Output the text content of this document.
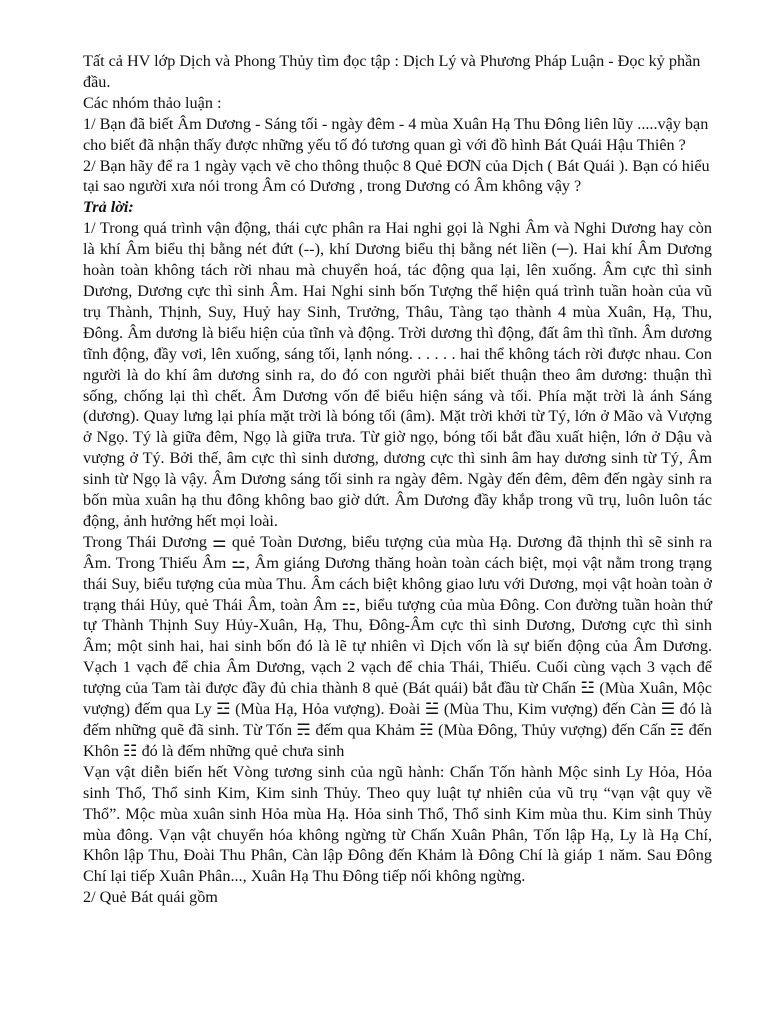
Tất cả HV lớp Dịch và Phong Thủy tìm đọc tập : Dịch Lý và Phương Pháp Luận - Đọc kỷ phần đầu.

Các nhóm thảo luận :

1/ Bạn đã biết Âm Dương - Sáng tối - ngày đêm - 4 mùa Xuân Hạ Thu Đông liên lũy .....vậy bạn cho biết đã nhận thấy được những yếu tố đó tương quan gì với đồ hình Bát Quái Hậu Thiên ?

2/ Bạn hãy để ra 1 ngày vạch vẽ cho thông thuộc 8 Quẻ ĐƠN của Dịch ( Bát Quái ). Bạn có hiểu tại sao người xưa nói trong Âm có Dương , trong Dương có Âm không vậy ?

Trả lời:

1/ Trong quá trình vận động, thái cực phân ra Hai nghi gọi là Nghi Âm và Nghi Dương hay còn là khí Âm biểu thị bằng nét đứt (--), khí Dương biểu thị bằng nét liền (─). Hai khí Âm Dương hoàn toàn không tách rời nhau mà chuyển hoá, tác động qua lại, lên xuống. Âm cực thì sinh Dương, Dương cực thì sinh Âm. Hai Nghi sinh bốn Tượng thể hiện quá trình tuần hoàn của vũ trụ Thành, Thịnh, Suy, Huỷ hay Sinh, Trưởng, Thâu, Tàng tạo thành 4 mùa Xuân, Hạ, Thu, Đông. Âm dương là biểu hiện của tĩnh và động. Trời dương thì động, đất âm thì tĩnh. Âm dương tĩnh động, đầy vơi, lên xuống, sáng tối, lạnh nóng. . . . . . hai thể không tách rời được nhau. Con người là do khí âm dương sinh ra, do đó con người phải biết thuận theo âm dương: thuận thì sống, chống lại thì chết. Âm Dương vốn để biểu hiện sáng và tối. Phía mặt trời là ánh Sáng (dương). Quay lưng lại phía mặt trời là bóng tối (âm). Mặt trời khởi từ Tý, lớn ở Mão và Vượng ở Ngọ. Tý là giữa đêm, Ngọ là giữa trưa. Từ giờ ngọ, bóng tối bắt đầu xuất hiện, lớn ở Dậu và vượng ở Tý. Bởi thế, âm cực thì sinh dương, dương cực thì sinh âm hay dương sinh từ Tý, Âm sinh từ Ngọ là vậy. Âm Dương sáng tối sinh ra ngày đêm. Ngày đến đêm, đêm đến ngày sinh ra bốn mùa xuân hạ thu đông không bao giờ dứt. Âm Dương đầy khắp trong vũ trụ, luôn luôn tác động, ảnh hưởng hết mọi loài.

Trong Thái Dương ⚌ quẻ Toàn Dương, biểu tượng của mùa Hạ. Dương đã thịnh thì sẽ sinh ra Âm. Trong Thiếu Âm ⚍, Âm giáng Dương thăng hoàn toàn cách biệt, mọi vật nằm trong trạng thái Suy, biểu tượng của mùa Thu. Âm cách biệt không giao lưu với Dương, mọi vật hoàn toàn ở trạng thái Hủy, quẻ Thái Âm, toàn Âm ⚏, biểu tượng của mùa Đông. Con đường tuần hoàn thứ tự Thành Thịnh Suy Hủy-Xuân, Hạ, Thu, Đông-Âm cực thì sinh Dương, Dương cực thì sinh Âm; một sinh hai, hai sinh bốn đó là lẽ tự nhiên vì Dịch vốn là sự biến động của Âm Dương. Vạch 1 vạch để chia Âm Dương, vạch 2 vạch để chia Thái, Thiếu. Cuối cùng vạch 3 vạch để tượng của Tam tài được đầy đủ chia thành 8 quẻ (Bát quái) bắt đầu từ Chấn ☳ (Mùa Xuân, Mộc vượng) đếm qua Ly ☲ (Mùa Hạ, Hỏa vượng). Đoài ☱ (Mùa Thu, Kim vượng) đến Càn ☰ đó là đếm những quẽ đã sinh. Từ Tốn ☴ đếm qua Khảm ☵ (Mùa Đông, Thủy vượng) đến Cấn ☶ đến Khôn ☷ đó là đếm những quẻ chưa sinh

Vạn vật diễn biến hết Vòng tương sinh của ngũ hành: Chấn Tốn hành Mộc sinh Ly Hỏa, Hỏa sinh Thổ, Thổ sinh Kim, Kim sinh Thủy. Theo quy luật tự nhiên của vũ trụ “vạn vật quy về Thổ”. Mộc mùa xuân sinh Hỏa mùa Hạ. Hỏa sinh Thổ, Thổ sinh Kim mùa thu. Kim sinh Thủy mùa đông. Vạn vật chuyển hóa không ngừng từ Chấn Xuân Phân, Tốn lập Hạ, Ly là Hạ Chí, Khôn lập Thu, Đoài Thu Phân, Càn lập Đông đến Khảm là Đông Chí là giáp 1 năm. Sau Đông Chí lại tiếp Xuân Phân..., Xuân Hạ Thu Đông tiếp nối không ngừng.

2/ Quẻ Bát quái gồm
